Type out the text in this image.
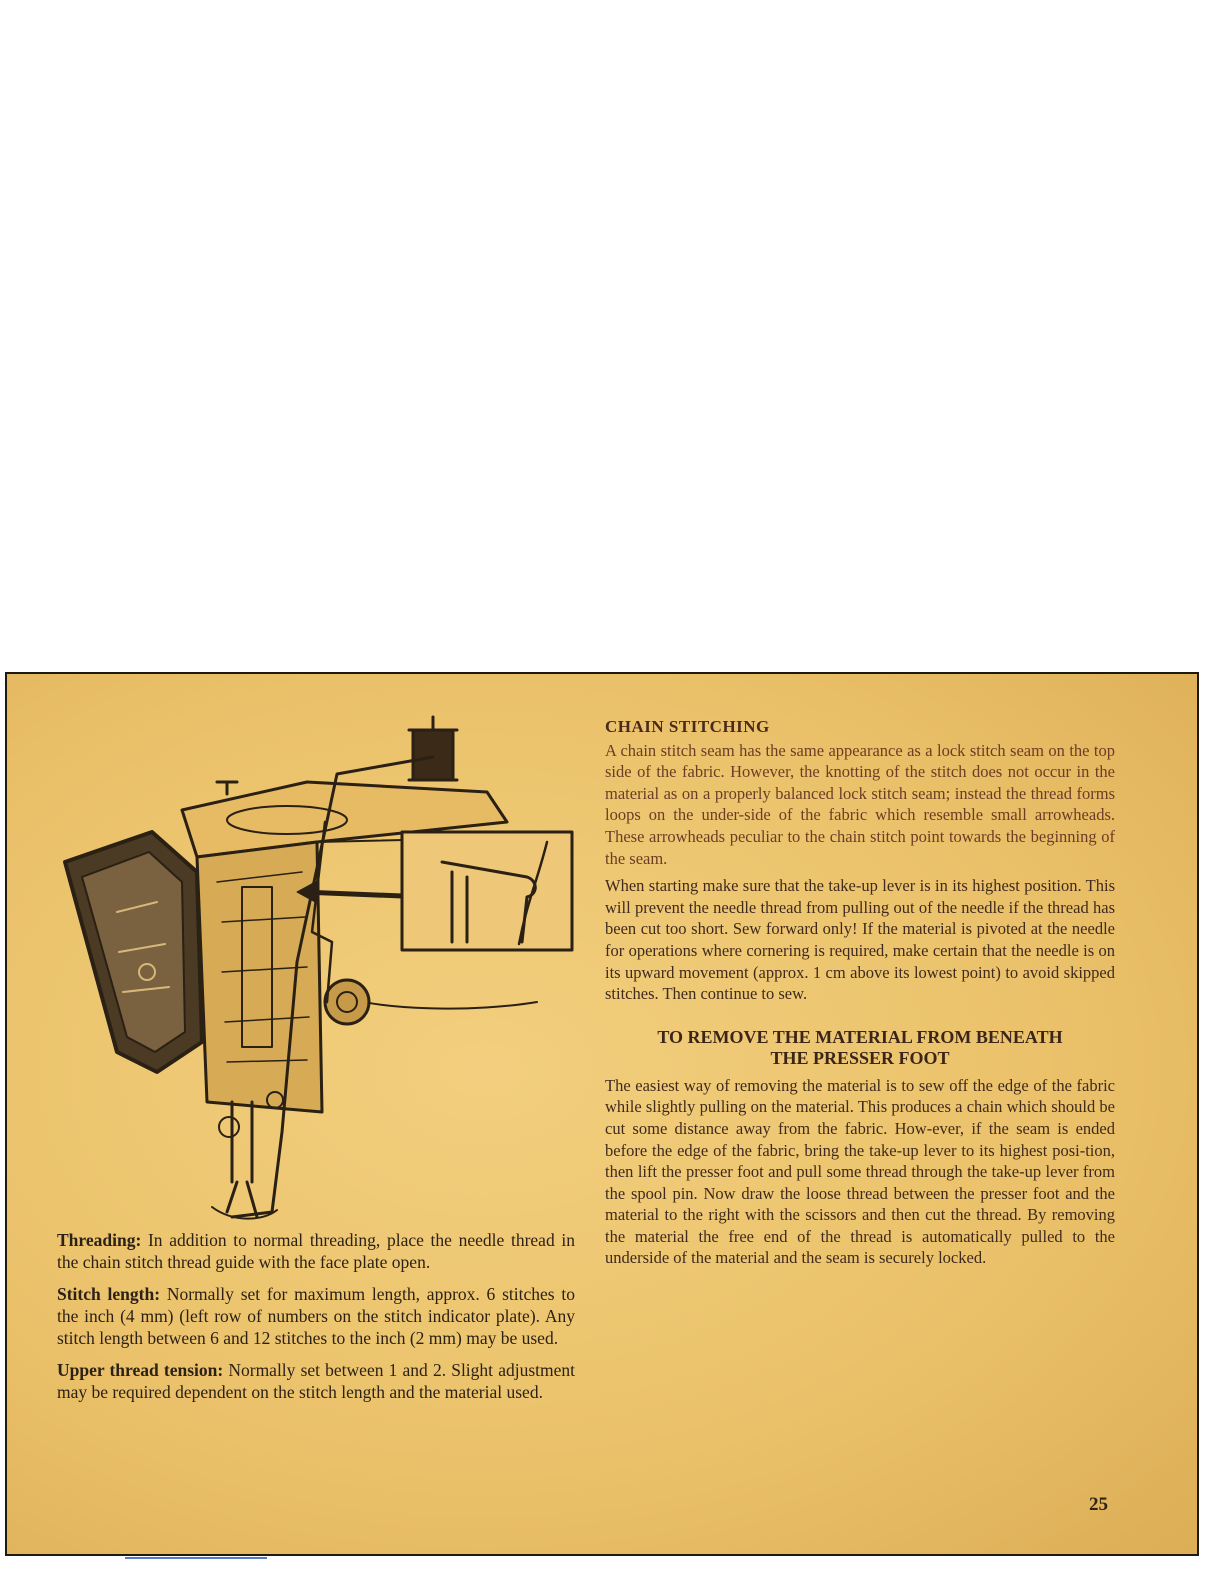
Threading: In addition to normal threading, place the needle thread in the chain stitch thread guide with the face plate open.

Stitch length: Normally set for maximum length, approx. 6 stitches to the inch (4 mm) (left row of numbers on the stitch indicator plate). Any stitch length between 6 and 12 stitches to the inch (2 mm) may be used.

Upper thread tension: Normally set between 1 and 2. Slight adjustment may be required dependent on the stitch length and the material used.

CHAIN STITCHING

A chain stitch seam has the same appearance as a lock stitch seam on the top side of the fabric. However, the knotting of the stitch does not occur in the material as on a properly balanced lock stitch seam; instead the thread forms loops on the under-side of the fabric which resemble small arrowheads. These arrowheads peculiar to the chain stitch point towards the beginning of the seam.

When starting make sure that the take-up lever is in its highest position. This will prevent the needle thread from pulling out of the needle if the thread has been cut too short. Sew forward only! If the material is pivoted at the needle for operations where cornering is required, make certain that the needle is on its upward movement (approx. 1 cm above its lowest point) to avoid skipped stitches. Then continue to sew.

TO REMOVE THE MATERIAL FROM BENEATH
THE PRESSER FOOT

The easiest way of removing the material is to sew off the edge of the fabric while slightly pulling on the material. This produces a chain which should be cut some distance away from the fabric. How-ever, if the seam is ended before the edge of the fabric, bring the take-up lever to its highest posi-tion, then lift the presser foot and pull some thread through the take-up lever from the spool pin. Now draw the loose thread between the presser foot and the material to the right with the scissors and then cut the thread. By removing the material the free end of the thread is automatically pulled to the underside of the material and the seam is securely locked.

25
